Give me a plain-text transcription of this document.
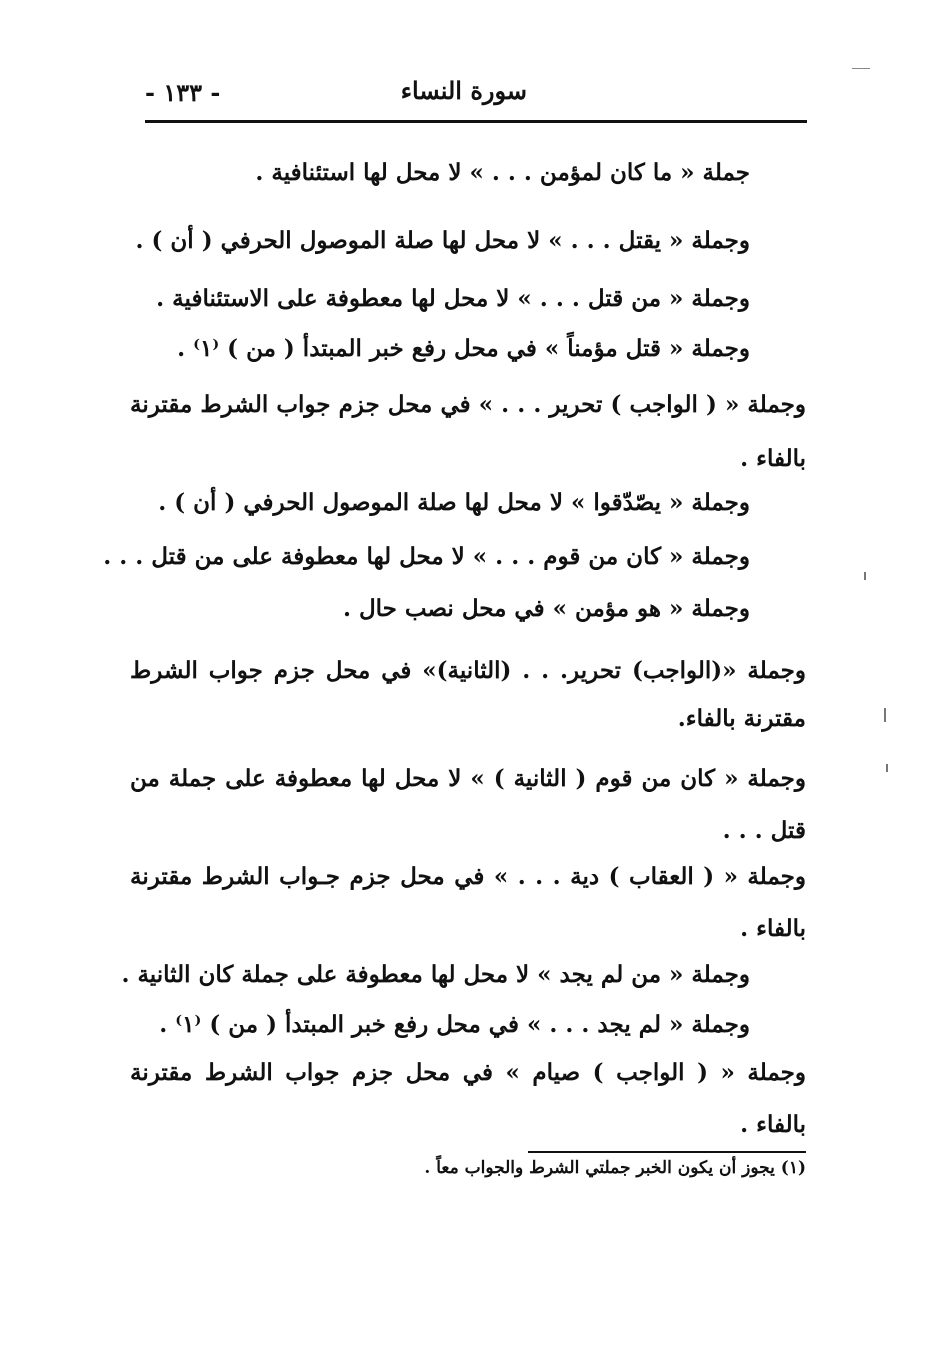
سورة النساء
- ١٣٣ -
جملة « ما كان لمؤمن . . . » لا محل لها استئنافية .
وجملة « يقتل . . . » لا محل لها صلة الموصول الحرفي ( أن ) .
وجملة « من قتل . . . » لا محل لها معطوفة على الاستئنافية .
وجملة « قتل مؤمناً » في محل رفع خبر المبتدأ ( من ) ⁽١⁾ .
وجملة « ( الواجب ) تحرير . . . » في محل جزم جواب الشرط مقترنة
بالفاء .
وجملة « يصّدّقوا » لا محل لها صلة الموصول الحرفي ( أن ) .
وجملة « كان من قوم . . . » لا محل لها معطوفة على من قتل . . .
وجملة « هو مؤمن » في محل نصب حال .
وجملة «(الواجب) تحرير. . . (الثانية)» في محل جزم جواب الشرط
مقترنة بالفاء.
وجملة « كان من قوم ( الثانية ) » لا محل لها معطوفة على جملة من
قتل . . .
وجملة « ( العقاب ) دية . . . » في محل جزم جـواب الشرط مقترنة
بالفاء .
وجملة « من لم يجد » لا محل لها معطوفة على جملة كان الثانية .
وجملة « لم يجد . . . » في محل رفع خبر المبتدأ ( من ) ⁽١⁾ .
وجملة « ( الواجب ) صيام » في محل جزم جواب الشرط مقترنة
بالفاء .
(١) يجوز أن يكون الخبر جملتي الشرط والجواب معاً .
